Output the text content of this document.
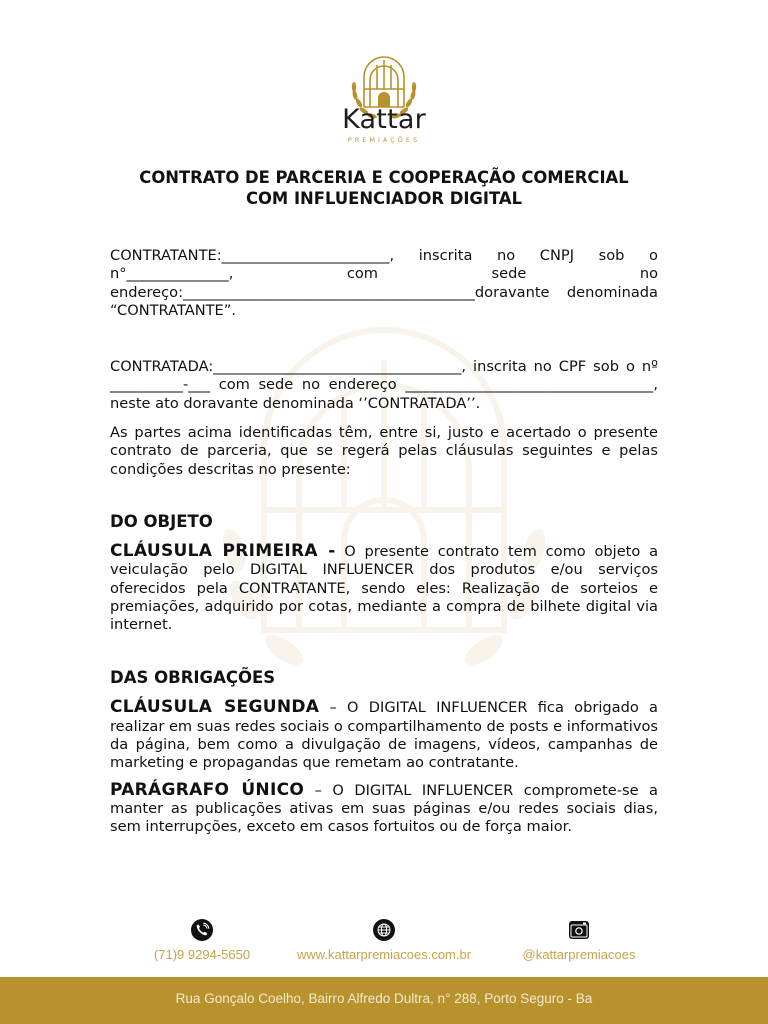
Kattar
PREMIAÇÕES
CONTRATO DE PARCERIA E COOPERAÇÃO COMERCIAL
COM INFLUENCIADOR DIGITAL

CONTRATANTE:_______________________, inscrita no CNPJ sob o n°______________, com sede no endereço:________________________________________doravante denominada “CONTRATANTE”.

CONTRATADA:__________________________________, inscrita no CPF sob o nº __________-___ com sede no endereço __________________________________, neste ato doravante denominada ‘’CONTRATADA’’.

As partes acima identificadas têm, entre si, justo e acertado o presente contrato de parceria, que se regerá pelas cláusulas seguintes e pelas condições descritas no presente:

DO OBJETO

CLÁUSULA PRIMEIRA - O presente contrato tem como objeto a veiculação pelo DIGITAL INFLUENCER dos produtos e/ou serviços oferecidos pela CONTRATANTE, sendo eles: Realização de sorteios e premiações, adquirido por cotas, mediante a compra de bilhete digital via internet.

DAS OBRIGAÇÕES

CLÁUSULA SEGUNDA – O DIGITAL INFLUENCER fica obrigado a realizar em suas redes sociais o compartilhamento de posts e informativos da página, bem como a divulgação de imagens, vídeos, campanhas de marketing e propagandas que remetam ao contratante.

PARÁGRAFO ÚNICO – O DIGITAL INFLUENCER compromete-se a manter as publicações ativas em suas páginas e/ou redes sociais dias, sem interrupções, exceto em casos fortuitos ou de força maior.

(71)9 9294-5650	www.kattarpremiacoes.com.br	@kattarpremiacoes
Rua Gonçalo Coelho, Bairro Alfredo Dultra, n° 288, Porto Seguro - Ba
